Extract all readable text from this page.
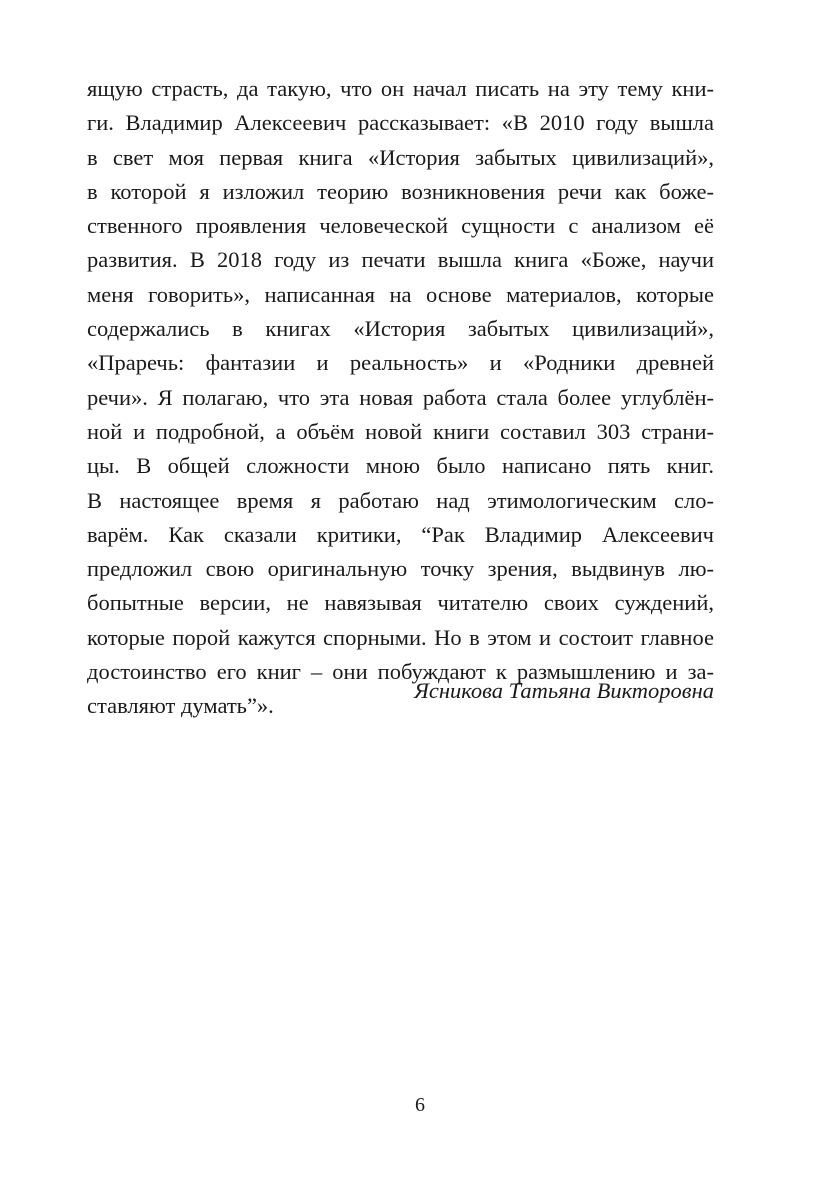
ящую страсть, да такую, что он начал писать на эту тему кни-
ги. Владимир Алексеевич рассказывает: «В 2010 году вышла
в свет моя первая книга «История забытых цивилизаций»,
в которой я изложил теорию возникновения речи как боже-
ственного проявления человеческой сущности с анализом её
развития. В 2018 году из печати вышла книга «Боже, научи
меня говорить», написанная на основе материалов, которые
содержались в книгах «История забытых цивилизаций»,
«Праречь: фантазии и реальность» и «Родники древней
речи». Я полагаю, что эта новая работа стала более углублён-
ной и подробной, а объём новой книги составил 303 страни-
цы. В общей сложности мною было написано пять книг.
В настоящее время я работаю над этимологическим сло-
варём. Как сказали критики, “Рак Владимир Алексеевич
предложил свою оригинальную точку зрения, выдвинув лю-
бопытные версии, не навязывая читателю своих суждений,
которые порой кажутся спорными. Но в этом и состоит главное
достоинство его книг – они побуждают к размышлению и за-
ставляют думать”».
Ясникова Татьяна Викторовна
6
